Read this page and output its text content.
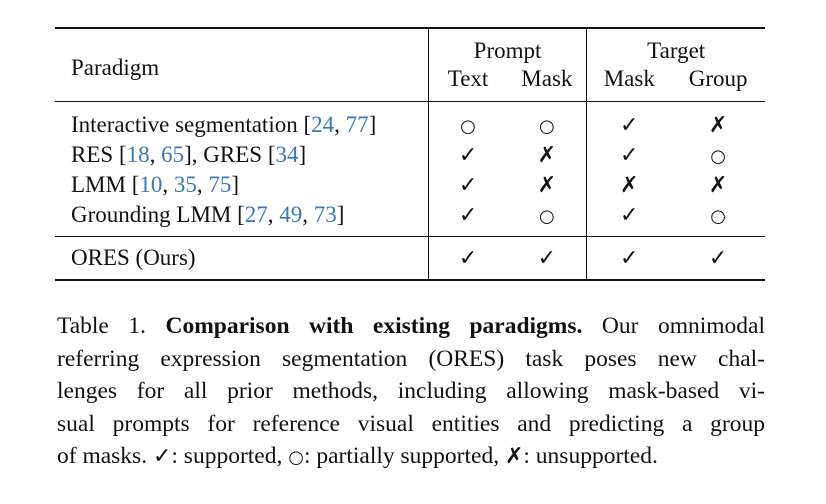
Paradigm	Prompt		Target	
	Text	Mask	Mask	Group
Interactive segmentation [24, 77]	○	○	✓	✗
RES [18, 65], GRES [34]	✓	✗	✓	○
LMM [10, 35, 75]	✓	✗	✗	✗
Grounding LMM [27, 49, 73]	✓	○	✓	○
ORES (Ours)	✓	✓	✓	✓
Table 1. Comparison with existing paradigms. Our omnimodal
referring expression segmentation (ORES) task poses new chal-
lenges for all prior methods, including allowing mask-based vi-
sual prompts for reference visual entities and predicting a group
of masks. ✓: supported, ○: partially supported, ✗: unsupported.
